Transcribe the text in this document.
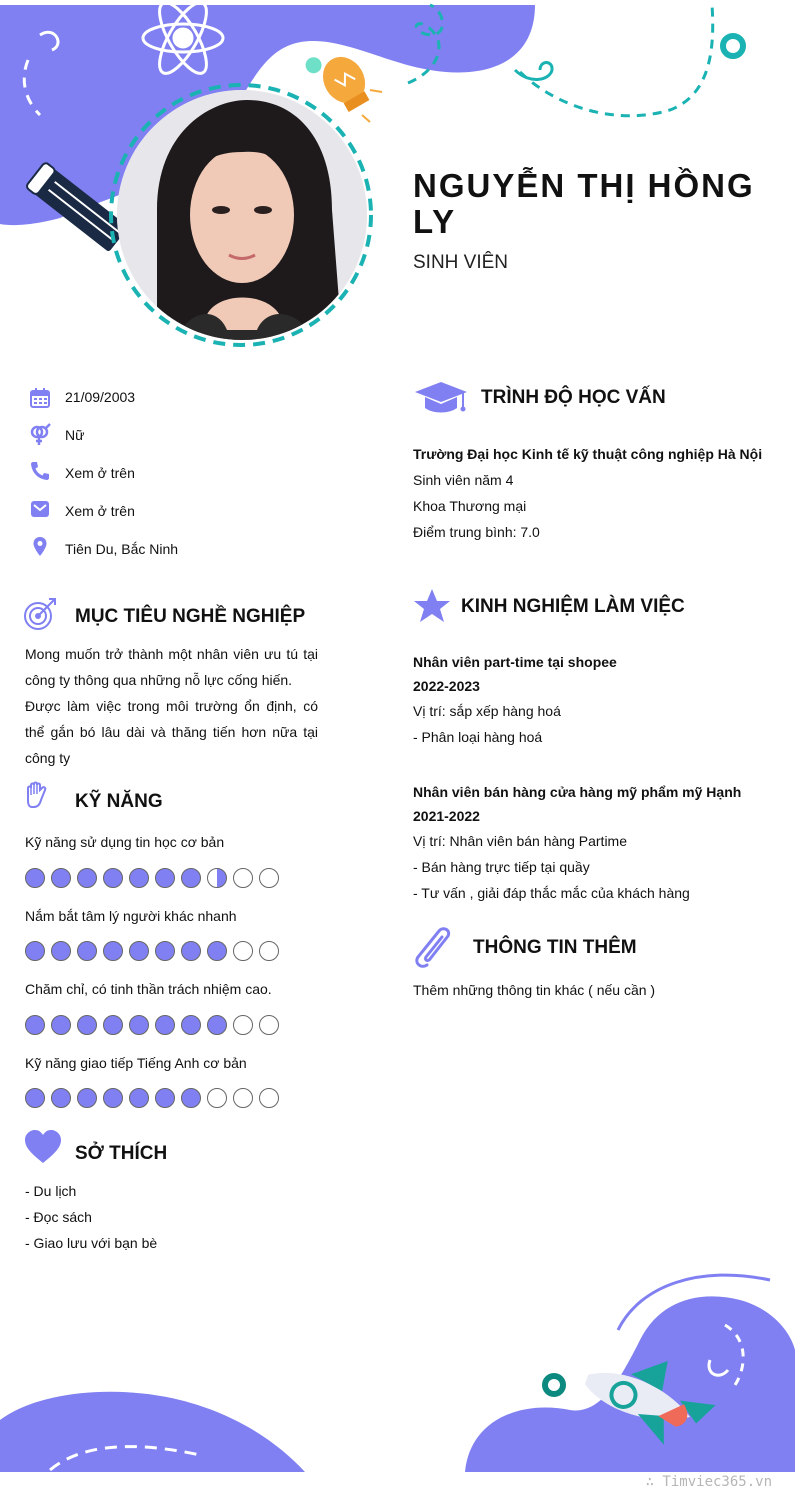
NGUYỄN THỊ HỒNG LY
SINH VIÊN
21/09/2003
Nữ
Xem ở trên
Xem ở trên
Tiên Du, Bắc Ninh
MỤC TIÊU NGHỀ NGHIỆP
Mong muốn trở thành một nhân viên ưu tú tại công ty thông qua những nỗ lực cống hiến.
Được làm việc trong môi trường ổn định, có thể gắn bó lâu dài và thăng tiến hơn nữa tại công ty
KỸ NĂNG
Kỹ năng sử dụng tin học cơ bản
Nắm bắt tâm lý người khác nhanh
Chăm chỉ, có tinh thần trách nhiệm cao.
Kỹ năng giao tiếp Tiếng Anh cơ bản
SỞ THÍCH
- Du lịch
- Đọc sách
- Giao lưu với bạn bè
TRÌNH ĐỘ HỌC VẤN
Trường Đại học Kinh tế kỹ thuật công nghiệp Hà Nội
Sinh viên năm 4
Khoa Thương mại
Điểm trung bình: 7.0
KINH NGHIỆM LÀM VIỆC
Nhân viên part-time tại shopee
2022-2023
Vị trí: sắp xếp hàng hoá
- Phân loại hàng hoá
Nhân viên bán hàng cửa hàng mỹ phẩm mỹ Hạnh
2021-2022
Vị trí: Nhân viên bán hàng Partime
- Bán hàng trực tiếp tại quầy
- Tư vấn , giải đáp thắc mắc của khách hàng
THÔNG TIN THÊM
Thêm những thông tin khác ( nếu cần )
∴ Timviec365.vn
